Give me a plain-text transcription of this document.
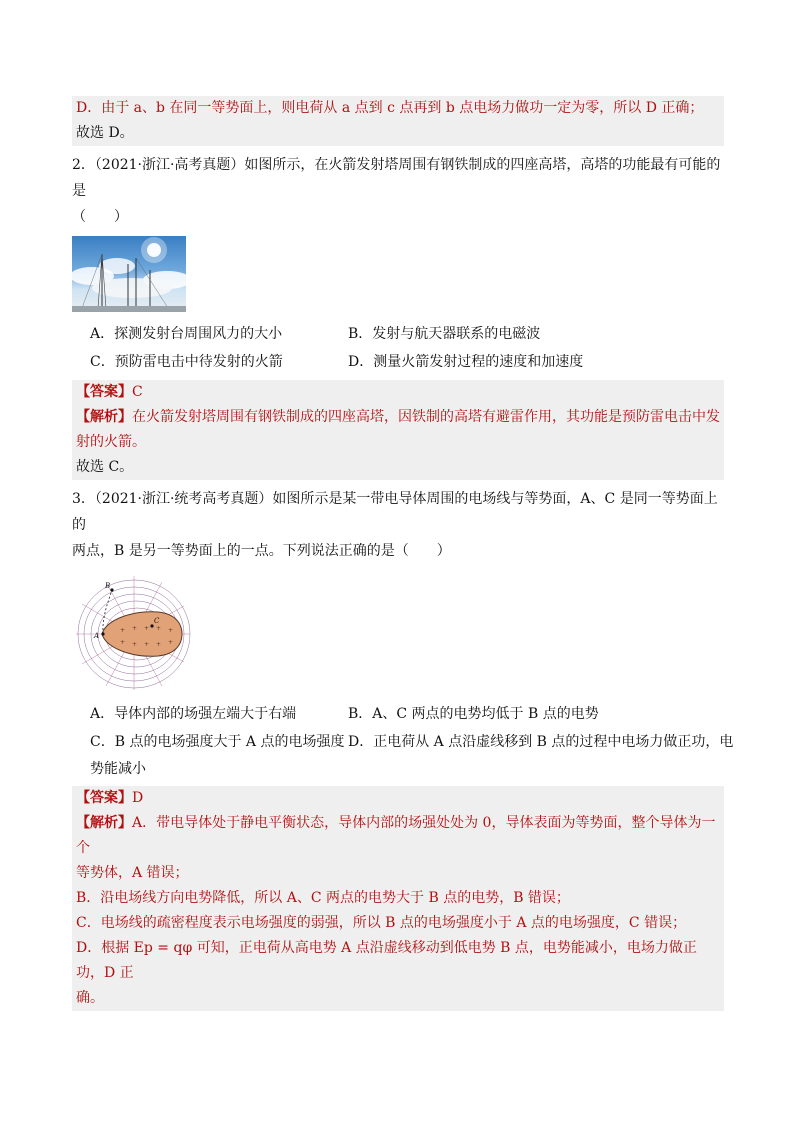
D．由于 a、b 在同一等势面上，则电荷从 a 点到 c 点再到 b 点电场力做功一定为零，所以 D 正确；
故选 D。
2．（2021·浙江·高考真题）如图所示，在火箭发射塔周围有钢铁制成的四座高塔，高塔的功能最有可能的是
（　　）
A．探测发射台周围风力的大小	B．发射与航天器联系的电磁波
C．预防雷电击中待发射的火箭	D．测量火箭发射过程的速度和加速度
【答案】C
【解析】在火箭发射塔周围有钢铁制成的四座高塔，因铁制的高塔有避雷作用，其功能是预防雷电击中发
射的火箭。
故选 C。
3．（2021·浙江·统考高考真题）如图所示是某一带电导体周围的电场线与等势面，A、C 是同一等势面上的
两点，B 是另一等势面上的一点。下列说法正确的是（　　）
+ + + + +
+ + + + +
B
A
C
A．导体内部的场强左端大于右端	B．A、C 两点的电势均低于 B 点的电势
C．B 点的电场强度大于 A 点的电场强度 D．正电荷从 A 点沿虚线移到 B 点的过程中电场力做正功，电
势能减小
【答案】D
【解析】A．带电导体处于静电平衡状态，导体内部的场强处处为 0，导体表面为等势面，整个导体为一个
等势体，A 错误；
B．沿电场线方向电势降低，所以 A、C 两点的电势大于 B 点的电势，B 错误；
C．电场线的疏密程度表示电场强度的弱强，所以 B 点的电场强度小于 A 点的电场强度，C 错误；
D．根据 Ep = qφ 可知，正电荷从高电势 A 点沿虚线移动到低电势 B 点，电势能减小，电场力做正功，D 正
确。
